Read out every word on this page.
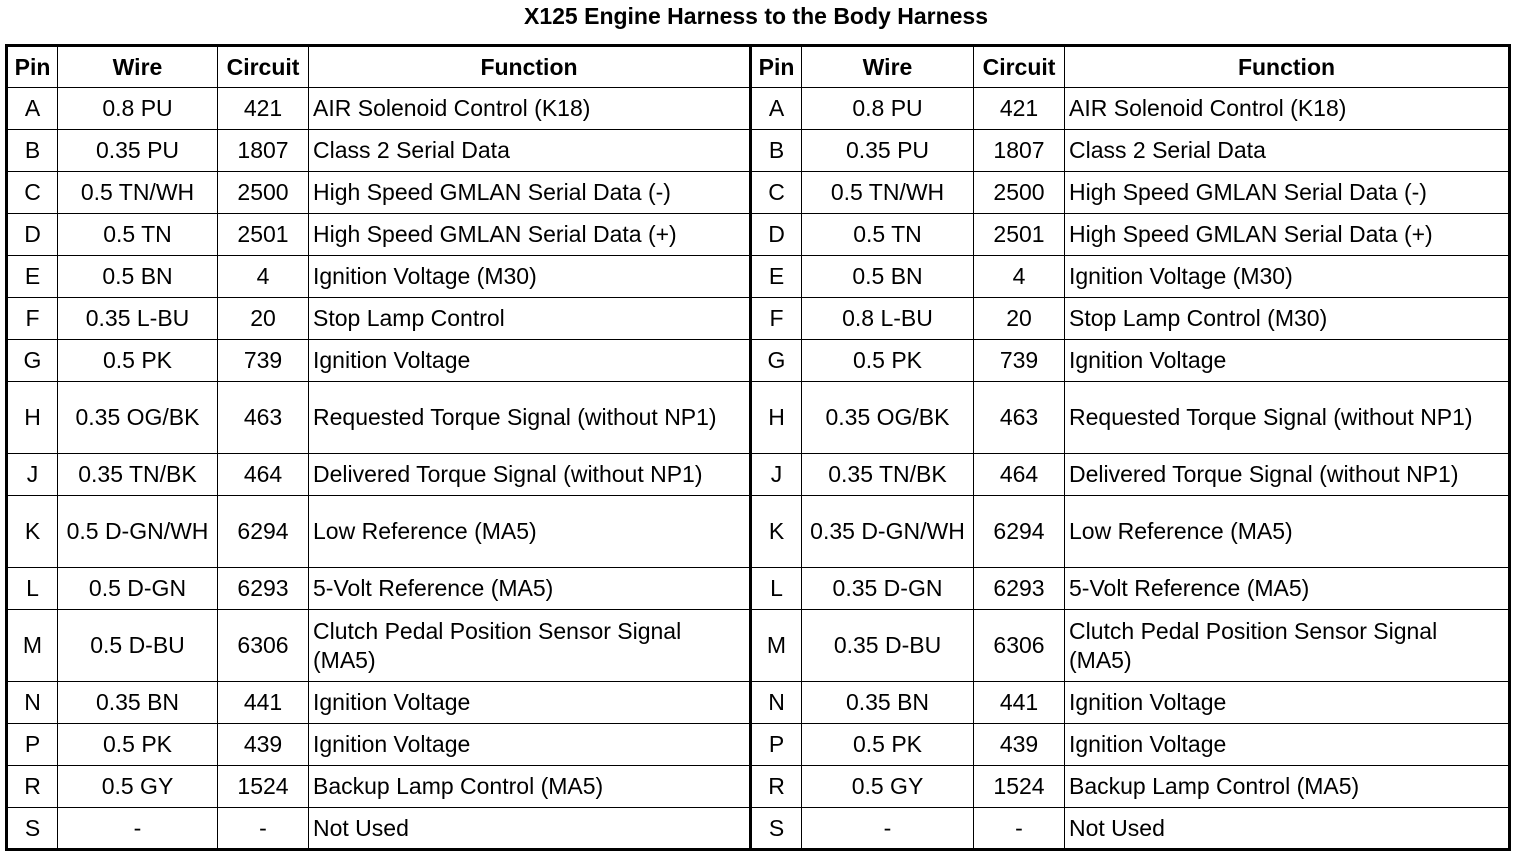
X125 Engine Harness to the Body Harness
Pin	Wire	Circuit	Function	Pin	Wire	Circuit	Function
A	0.8 PU	421	AIR Solenoid Control (K18)	A	0.8 PU	421	AIR Solenoid Control (K18)
B	0.35 PU	1807	Class 2 Serial Data	B	0.35 PU	1807	Class 2 Serial Data
C	0.5 TN/WH	2500	High Speed GMLAN Serial Data (-)	C	0.5 TN/WH	2500	High Speed GMLAN Serial Data (-)
D	0.5 TN	2501	High Speed GMLAN Serial Data (+)	D	0.5 TN	2501	High Speed GMLAN Serial Data (+)
E	0.5 BN	4	Ignition Voltage (M30)	E	0.5 BN	4	Ignition Voltage (M30)
F	0.35 L-BU	20	Stop Lamp Control	F	0.8 L-BU	20	Stop Lamp Control (M30)
G	0.5 PK	739	Ignition Voltage	G	0.5 PK	739	Ignition Voltage
H	0.35 OG/BK	463	Requested Torque Signal (without NP1)	H	0.35 OG/BK	463	Requested Torque Signal (without NP1)
J	0.35 TN/BK	464	Delivered Torque Signal (without NP1)	J	0.35 TN/BK	464	Delivered Torque Signal (without NP1)
K	0.5 D-GN/WH	6294	Low Reference (MA5)	K	0.35 D-GN/WH	6294	Low Reference (MA5)
L	0.5 D-GN	6293	5-Volt Reference (MA5)	L	0.35 D-GN	6293	5-Volt Reference (MA5)
M	0.5 D-BU	6306	Clutch Pedal Position Sensor Signal (MA5)	M	0.35 D-BU	6306	Clutch Pedal Position Sensor Signal (MA5)
N	0.35 BN	441	Ignition Voltage	N	0.35 BN	441	Ignition Voltage
P	0.5 PK	439	Ignition Voltage	P	0.5 PK	439	Ignition Voltage
R	0.5 GY	1524	Backup Lamp Control (MA5)	R	0.5 GY	1524	Backup Lamp Control (MA5)
S	-	-	Not Used	S	-	-	Not Used
